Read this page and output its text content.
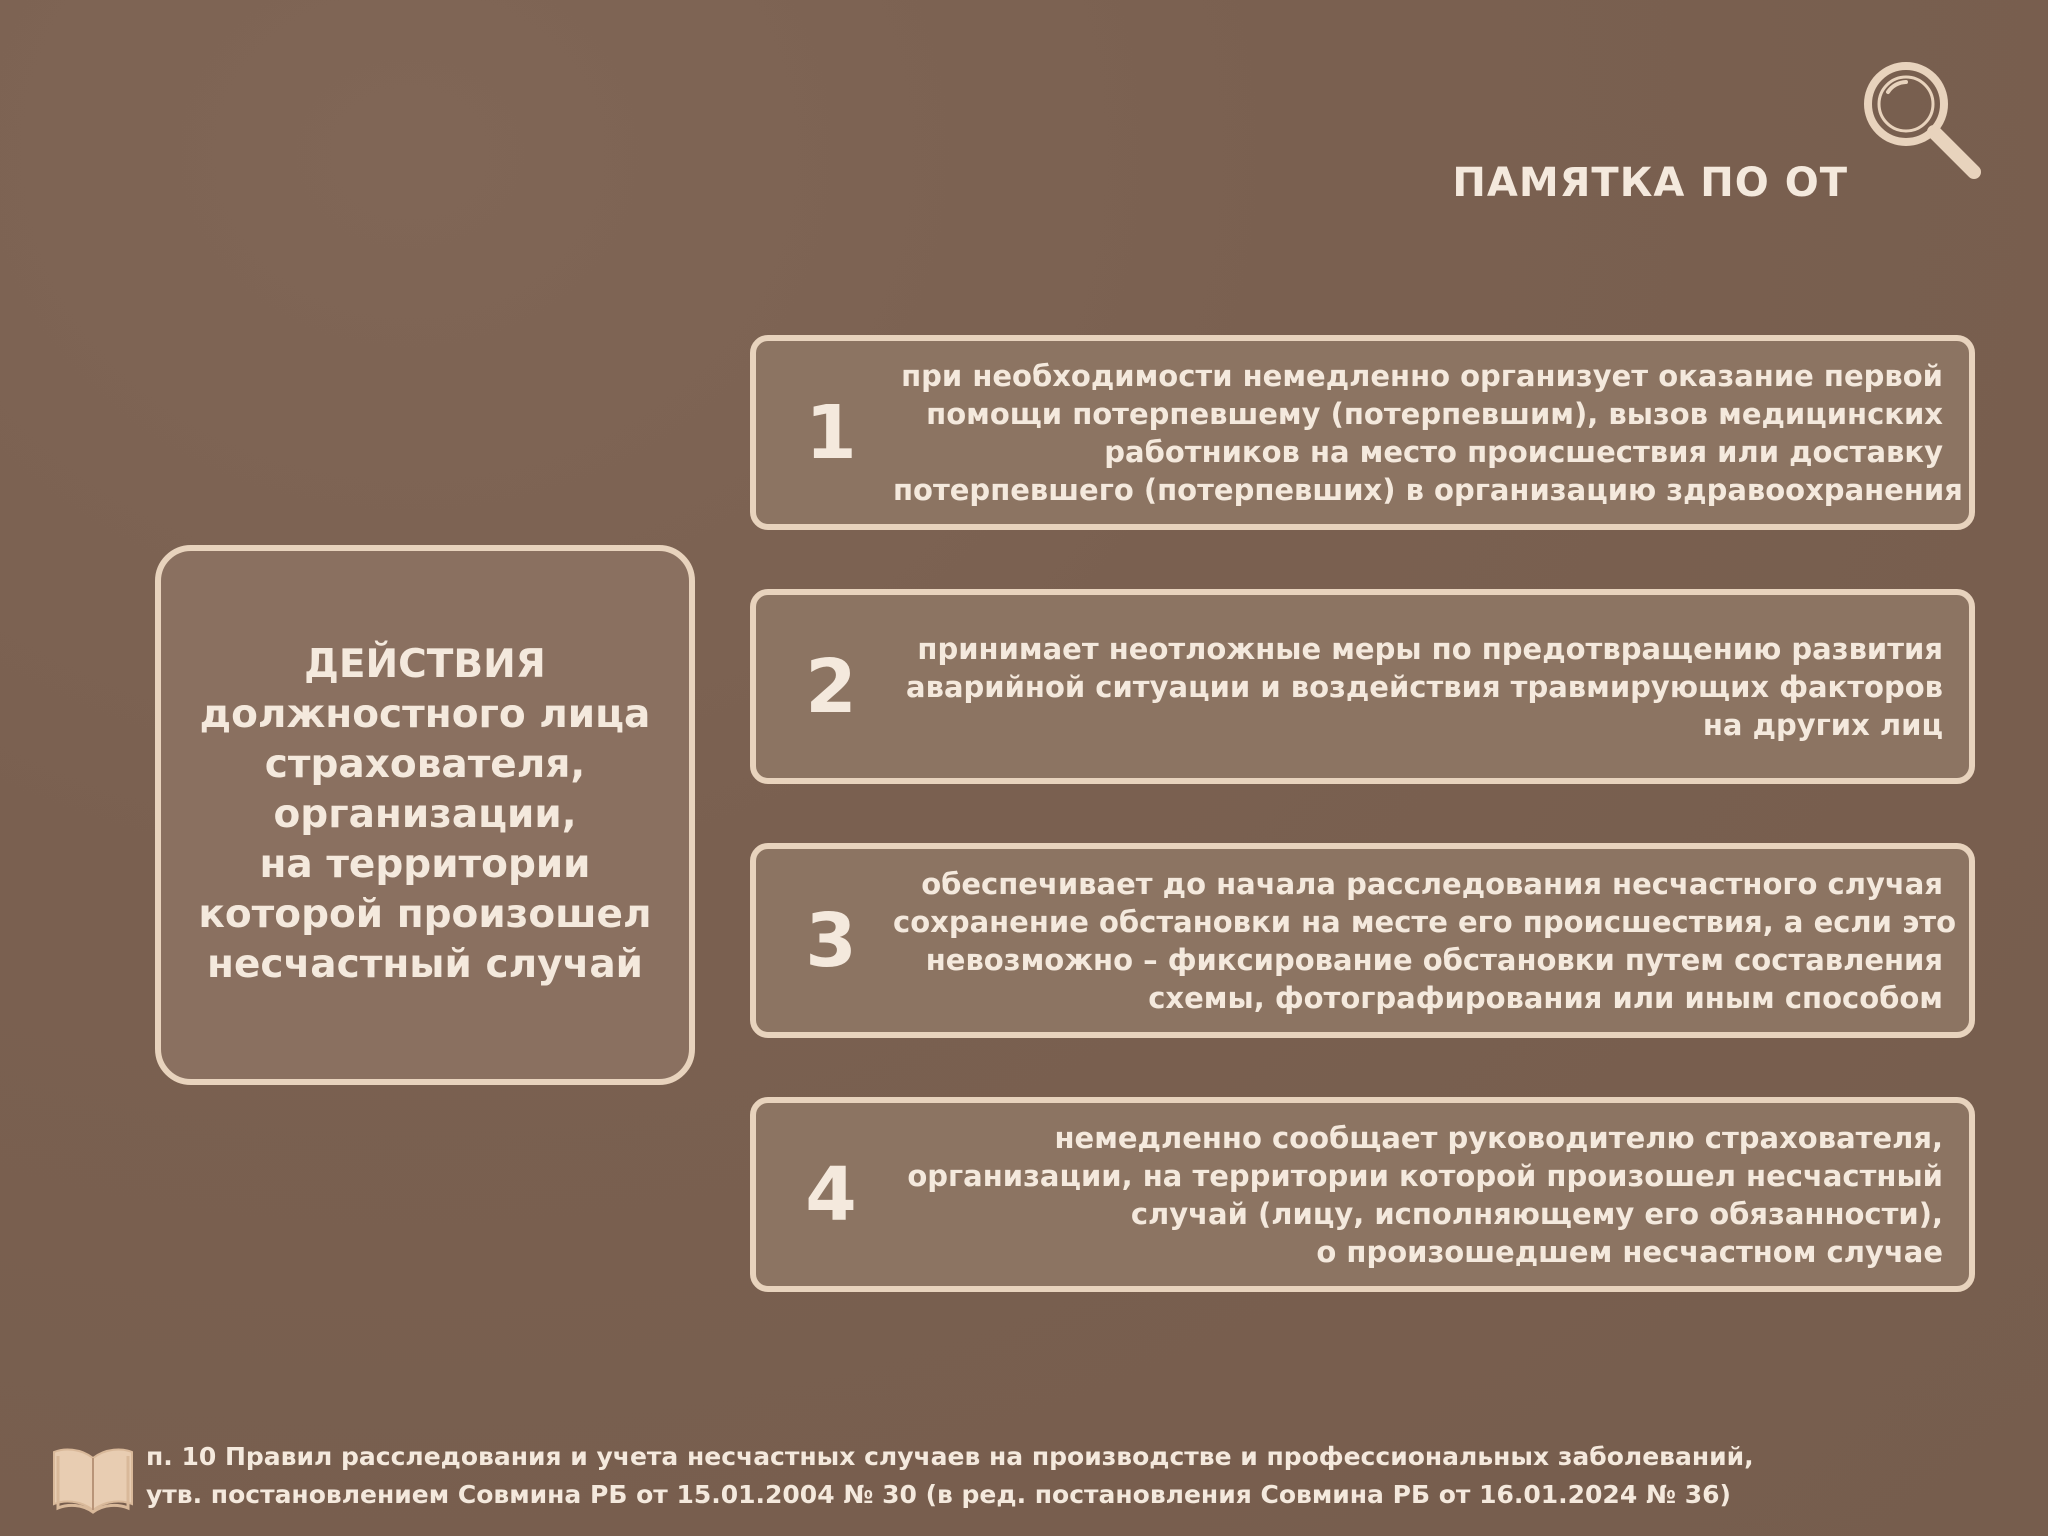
ПАМЯТКА ПО ОТ
ДЕЙСТВИЯ
должностного лица
страхователя,
организации,
на территории
которой произошел
несчастный случай
1
при необходимости немедленно организует оказание первой
помощи потерпевшему (потерпевшим), вызов медицинских
работников на место происшествия или доставку
потерпевшего (потерпевших) в организацию здравоохранения
2	принимает неотложные меры по предотвращению развития
аварийной ситуации и воздействия травмирующих факторов
на других лиц
3
обеспечивает до начала расследования несчастного случая
сохранение обстановки на месте его происшествия, а если это
невозможно – фиксирование обстановки путем составления
схемы, фотографирования или иным способом
4
немедленно сообщает руководителю страхователя,
организации, на территории которой произошел несчастный
случай (лицу, исполняющему его обязанности),
о произошедшем несчастном случае
п. 10 Правил расследования и учета несчастных случаев на производстве и профессиональных заболеваний,
утв. постановлением Совмина РБ от 15.01.2004 № 30 (в ред. постановления Совмина РБ от 16.01.2024 № 36)
